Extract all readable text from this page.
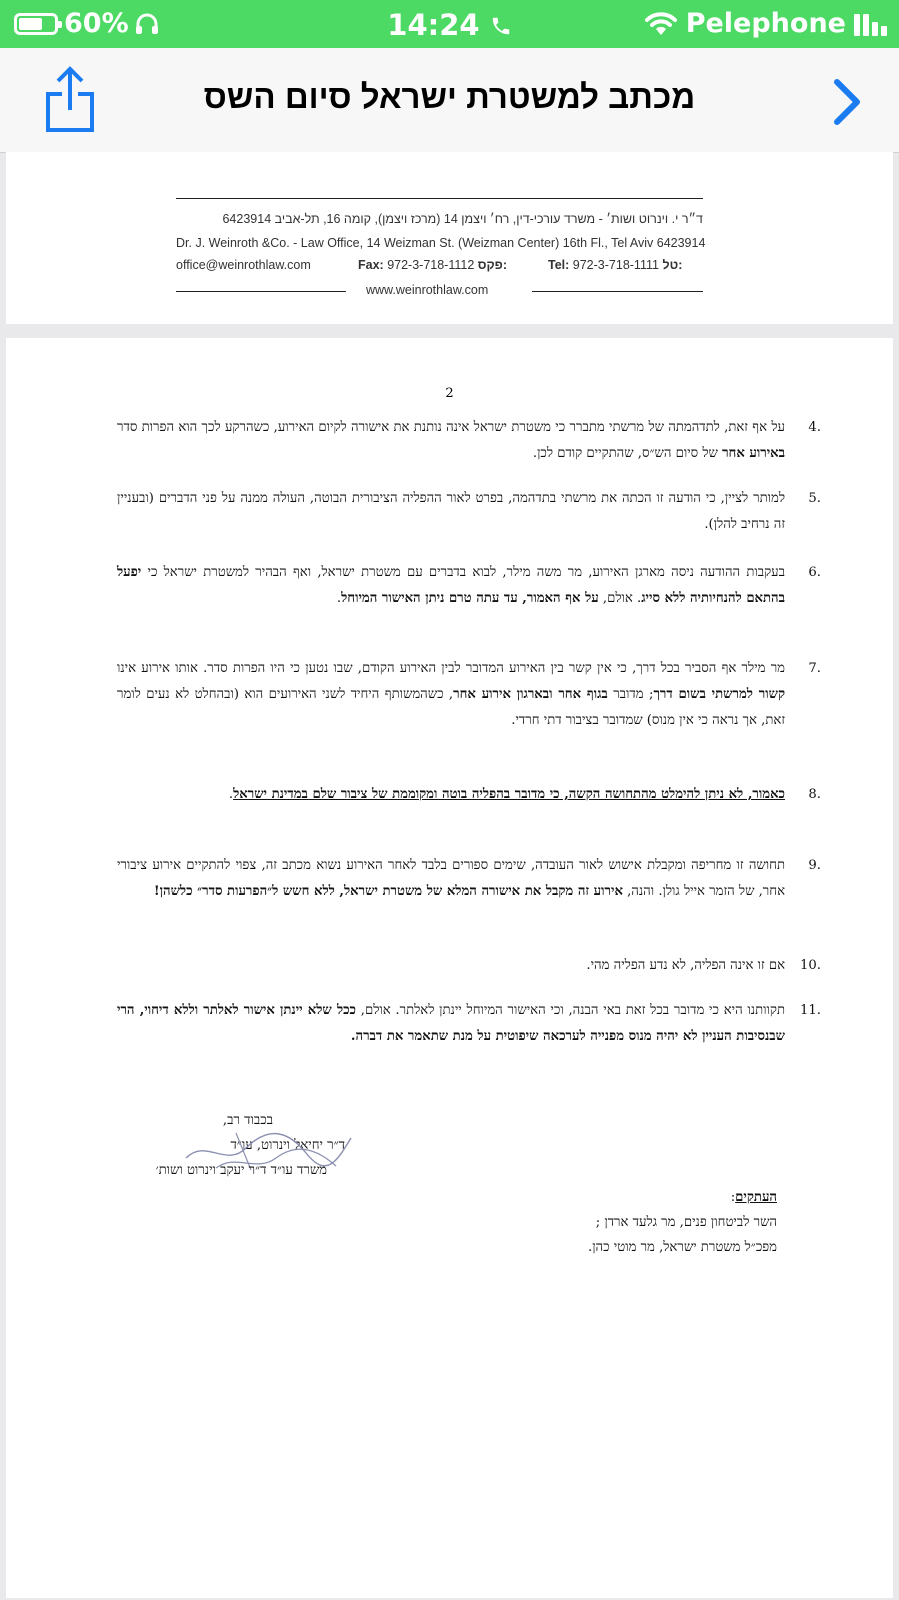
60%	14:24	Pelephone
מכתב למשטרת ישראל סיום השס
ד״ר י. וינרוט ושות׳ - משרד עורכי-דין, רח׳ ויצמן 14 (מרכז ויצמן), קומה 16, תל-אביב 6423914
Dr. J. Weinroth &Co. - Law Office, 14 Weizman St. (Weizman Center) 16th Fl., Tel Aviv 6423914
office@weinrothlaw.com	Fax: 972-3-718-1112 פקס:	Tel: 972-3-718-1111 טל:
www.weinrothlaw.com
2
4.
על אף זאת, לתדהמתה של מרשתי מתברר כי משטרת ישראל אינה נותנת את אישורה לקיום האירוע, כשהרקע לכך הוא הפרות סדר באירוע אחר של סיום הש״ס, שהתקיים קודם לכן.
5.
למותר לציין, כי הודעה זו הכתה את מרשתי בתדהמה, בפרט לאור ההפליה הציבורית הבוטה, העולה ממנה על פני הדברים (ובעניין זה נרחיב להלן).
6.
בעקבות ההודעה ניסה מארגן האירוע, מר משה מילר, לבוא בדברים עם משטרת ישראל, ואף הבהיר למשטרת ישראל כי יפעל בהתאם להנחיותיה ללא סייג. אולם, על אף האמור, עד עתה טרם ניתן האישור המיוחל.
7.
מר מילר אף הסביר בכל דרך, כי אין קשר בין האירוע המדובר לבין האירוע הקודם, שבו נטען כי היו הפרות סדר. אותו אירוע אינו קשור למרשתי בשום דרך; מדובר בגוף אחר ובארגון אירוע אחר, כשהמשותף היחיד לשני האירועים הוא (ובהחלט לא נעים לומר זאת, אך נראה כי אין מנוס) שמדובר בציבור דתי חרדי.
8.
כאמור, לא ניתן להימלט מהתחושה הקשה, כי מדובר בהפליה בוטה ומקוממת של ציבור שלם במדינת ישראל.
9.
תחושה זו מחריפה ומקבלת אישוש לאור העובדה, שימים ספורים בלבד לאחר האירוע נשוא מכתב זה, צפוי להתקיים אירוע ציבורי אחר, של הזמר אייל גולן. והנה, אירוע זה מקבל את אישורה המלא של משטרת ישראל, ללא חשש ל״הפרעות סדר״ כלשהן!
10.
אם זו אינה הפליה, לא נדע הפליה מהי.
11.
תקוותנו היא כי מדובר בכל זאת באי הבנה, וכי האישור המיוחל יינתן לאלתר. אולם, ככל שלא יינתן אישור לאלתר וללא דיחוי, הרי שבנסיבות העניין לא יהיה מנוס מפנייה לערכאה שיפוטית על מנת שתאמר את דברה.
בכבוד רב,
ד״ר יחיאל וינרוט, עו״ד
משרד עו״ד ד״ר יעקב וינרוט ושות׳
העתקים:
השר לביטחון פנים, מר גלעד ארדן ;
מפכ״ל משטרת ישראל, מר מוטי כהן.
